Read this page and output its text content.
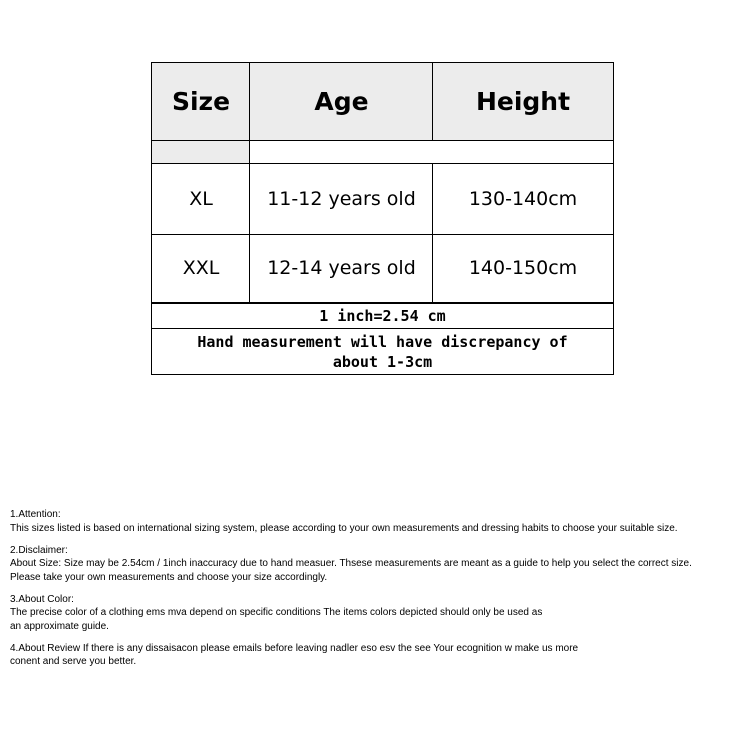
Size	Age	Height
XL	11-12 years old	130-140cm
XXL	12-14 years old	140-150cm
1 inch=2.54 cm
Hand measurement will have discrepancy of
about 1-3cm
1.Attention:
This sizes listed is based on international sizing system, please according to your own measurements and dressing habits to choose your suitable size.
2.Disclaimer:
About Size: Size may be 2.54cm / 1inch inaccuracy due to hand measuer. Thsese measurements are meant as a guide to help you select the correct size.
Please take your own measurements and choose your size accordingly.
3.About Color:
The precise color of a clothing ems mva depend on specific conditions The items colors depicted should only be used as
an approximate guide.
4.About Review If there is any dissaisacon please emails before leaving nadler eso esv the see Your ecognition w make us more
conent and serve you better.
